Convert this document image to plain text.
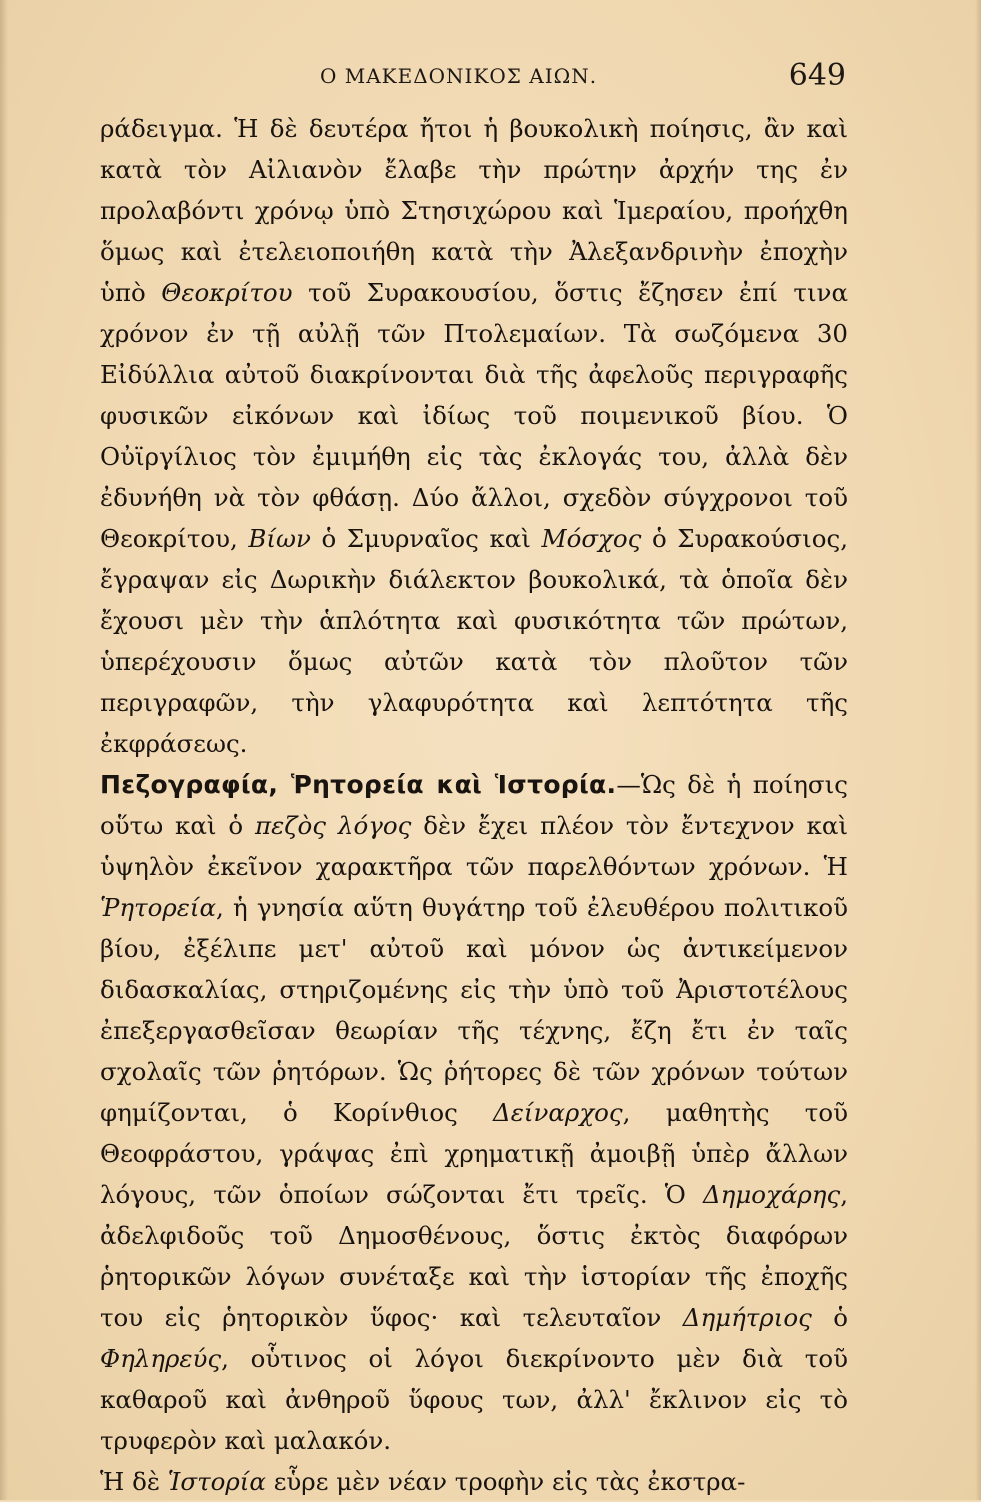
Ο ΜΑΚΕΔΟΝΙΚΟΣ ΑΙΩΝ.	649

ράδειγμα. Ἡ δὲ δευτέρα ἤτοι ἡ βουκολικὴ ποίησις, ἂν καὶ κατὰ τὸν Αἰλιανὸν ἔλαβε τὴν πρώτην ἀρχήν της ἐν προλαβόντι χρόνῳ ὑπὸ Στησιχώρου καὶ Ἱμεραίου, προήχθη ὅμως καὶ ἐτελειοποιήθη κατὰ τὴν Ἀλεξανδρινὴν ἐποχὴν ὑπὸ Θεοκρίτου τοῦ Συρακουσίου, ὅστις ἔζησεν ἐπί τινα χρόνον ἐν τῇ αὐλῇ τῶν Πτολεμαίων. Τὰ σωζόμενα 30 Εἰδύλλια αὐτοῦ διακρίνονται διὰ τῆς ἀφελοῦς περιγραφῆς φυσικῶν εἰκόνων καὶ ἰδίως τοῦ ποιμενικοῦ βίου. Ὁ Οὐϊργίλιος τὸν ἐμιμήθη εἰς τὰς ἐκλογάς του, ἀλλὰ δὲν ἐδυνήθη νὰ τὸν φθάσῃ. Δύο ἄλλοι, σχεδὸν σύγχρονοι τοῦ Θεοκρίτου, Βίων ὁ Σμυρναῖος καὶ Μόσχος ὁ Συρακούσιος, ἔγραψαν εἰς Δωρικὴν διάλεκτον βουκολικά, τὰ ὁποῖα δὲν ἔχουσι μὲν τὴν ἁπλότητα καὶ φυσικότητα τῶν πρώτων, ὑπερέχουσιν ὅμως αὐτῶν κατὰ τὸν πλοῦτον τῶν περιγραφῶν, τὴν γλαφυρότητα καὶ λεπτότητα τῆς ἐκφράσεως.

Πεζογραφία, Ῥητορεία καὶ Ἱστορία.—Ὡς δὲ ἡ ποίησις οὕτω καὶ ὁ πεζὸς λόγος δὲν ἔχει πλέον τὸν ἔντεχνον καὶ ὑψηλὸν ἐκεῖνον χαρακτῆρα τῶν παρελθόντων χρόνων. Ἡ Ῥητορεία, ἡ γνησία αὕτη θυγάτηρ τοῦ ἐλευθέρου πολιτικοῦ βίου, ἐξέλιπε μετ' αὐτοῦ καὶ μόνον ὡς ἀντικείμενον διδασκαλίας, στηριζομένης εἰς τὴν ὑπὸ τοῦ Ἀριστοτέλους ἐπεξεργασθεῖσαν θεωρίαν τῆς τέχνης, ἔζη ἔτι ἐν ταῖς σχολαῖς τῶν ῥητόρων. Ὡς ῥήτορες δὲ τῶν χρόνων τούτων φημίζονται, ὁ Κορίνθιος Δείναρχος, μαθητὴς τοῦ Θεοφράστου, γράψας ἐπὶ χρηματικῇ ἀμοιβῇ ὑπὲρ ἄλλων λόγους, τῶν ὁποίων σώζονται ἔτι τρεῖς. Ὁ Δημοχάρης, ἀδελφιδοῦς τοῦ Δημοσθένους, ὅστις ἐκτὸς διαφόρων ῥητορικῶν λόγων συνέταξε καὶ τὴν ἱστορίαν τῆς ἐποχῆς του εἰς ῥητορικὸν ὕφος· καὶ τελευταῖον Δημήτριος ὁ Φηληρεύς, οὗτινος οἱ λόγοι διεκρίνοντο μὲν διὰ τοῦ καθαροῦ καὶ ἀνθηροῦ ὕφους των, ἀλλ' ἔκλινον εἰς τὸ τρυφερὸν καὶ μαλακόν.

Ἡ δὲ Ἱστορία εὗρε μὲν νέαν τροφὴν εἰς τὰς ἐκστρα-
